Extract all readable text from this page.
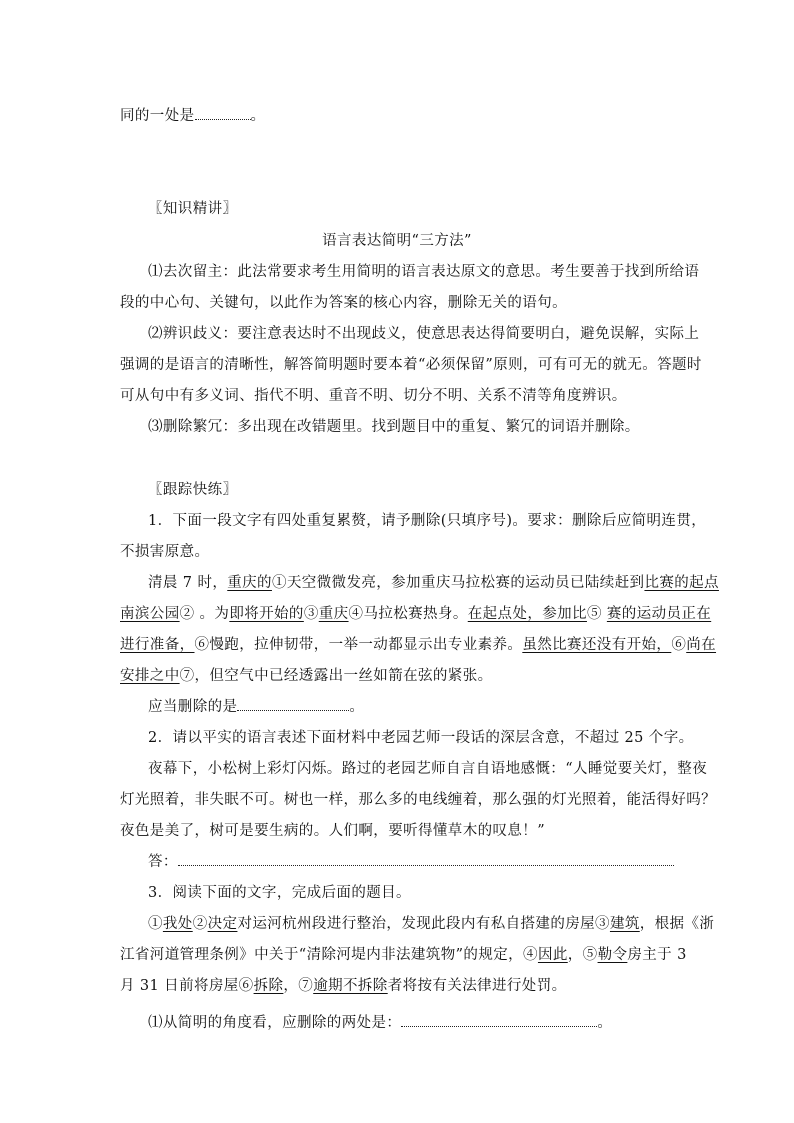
同的一处是	。
〖知识精讲〗
语言表达简明“三方法”
⑴去次留主：此法常要求考生用简明的语言表达原文的意思。考生要善于找到所给语
段的中心句、关键句，以此作为答案的核心内容，删除无关的语句。
⑵辨识歧义：要注意表达时不出现歧义，使意思表达得简要明白，避免误解，实际上
强调的是语言的清晰性，解答简明题时要本着“必须保留”原则，可有可无的就无。答题时
可从句中有多义词、指代不明、重音不明、切分不明、关系不清等角度辨识。
⑶删除繁冗：多出现在改错题里。找到题目中的重复、繁冗的词语并删除。
〖跟踪快练〗
1．下面一段文字有四处重复累赘，请予删除(只填序号)。要求：删除后应简明连贯，
不损害原意。
清晨 7 时，重庆的①天空微微发亮，参加重庆马拉松赛的运动员已陆续赶到比赛的起点
南滨公园② 。为即将开始的③重庆④马拉松赛热身。在起点处，参加比⑤ 赛的运动员正在
进行准备，⑥慢跑，拉伸韧带，一举一动都显示出专业素养。虽然比赛还没有开始，⑥尚在
安排之中⑦，但空气中已经透露出一丝如箭在弦的紧张。
应当删除的是	。
2．请以平实的语言表述下面材料中老园艺师一段话的深层含意，不超过 25 个字。
夜幕下，小松树上彩灯闪烁。路过的老园艺师自言自语地感慨：“人睡觉要关灯，整夜
灯光照着，非失眠不可。树也一样，那么多的电线缠着，那么强的灯光照着，能活得好吗？
夜色是美了，树可是要生病的。人们啊，要听得懂草木的叹息！”
答：
3．阅读下面的文字，完成后面的题目。
①我处②决定对运河杭州段进行整治，发现此段内有私自搭建的房屋③建筑，根据《浙
江省河道管理条例》中关于“清除河堤内非法建筑物”的规定，④因此，⑤勒令房主于 3
月 31 日前将房屋⑥拆除，⑦逾期不拆除者将按有关法律进行处罚。
⑴从简明的角度看，应删除的两处是：	。
